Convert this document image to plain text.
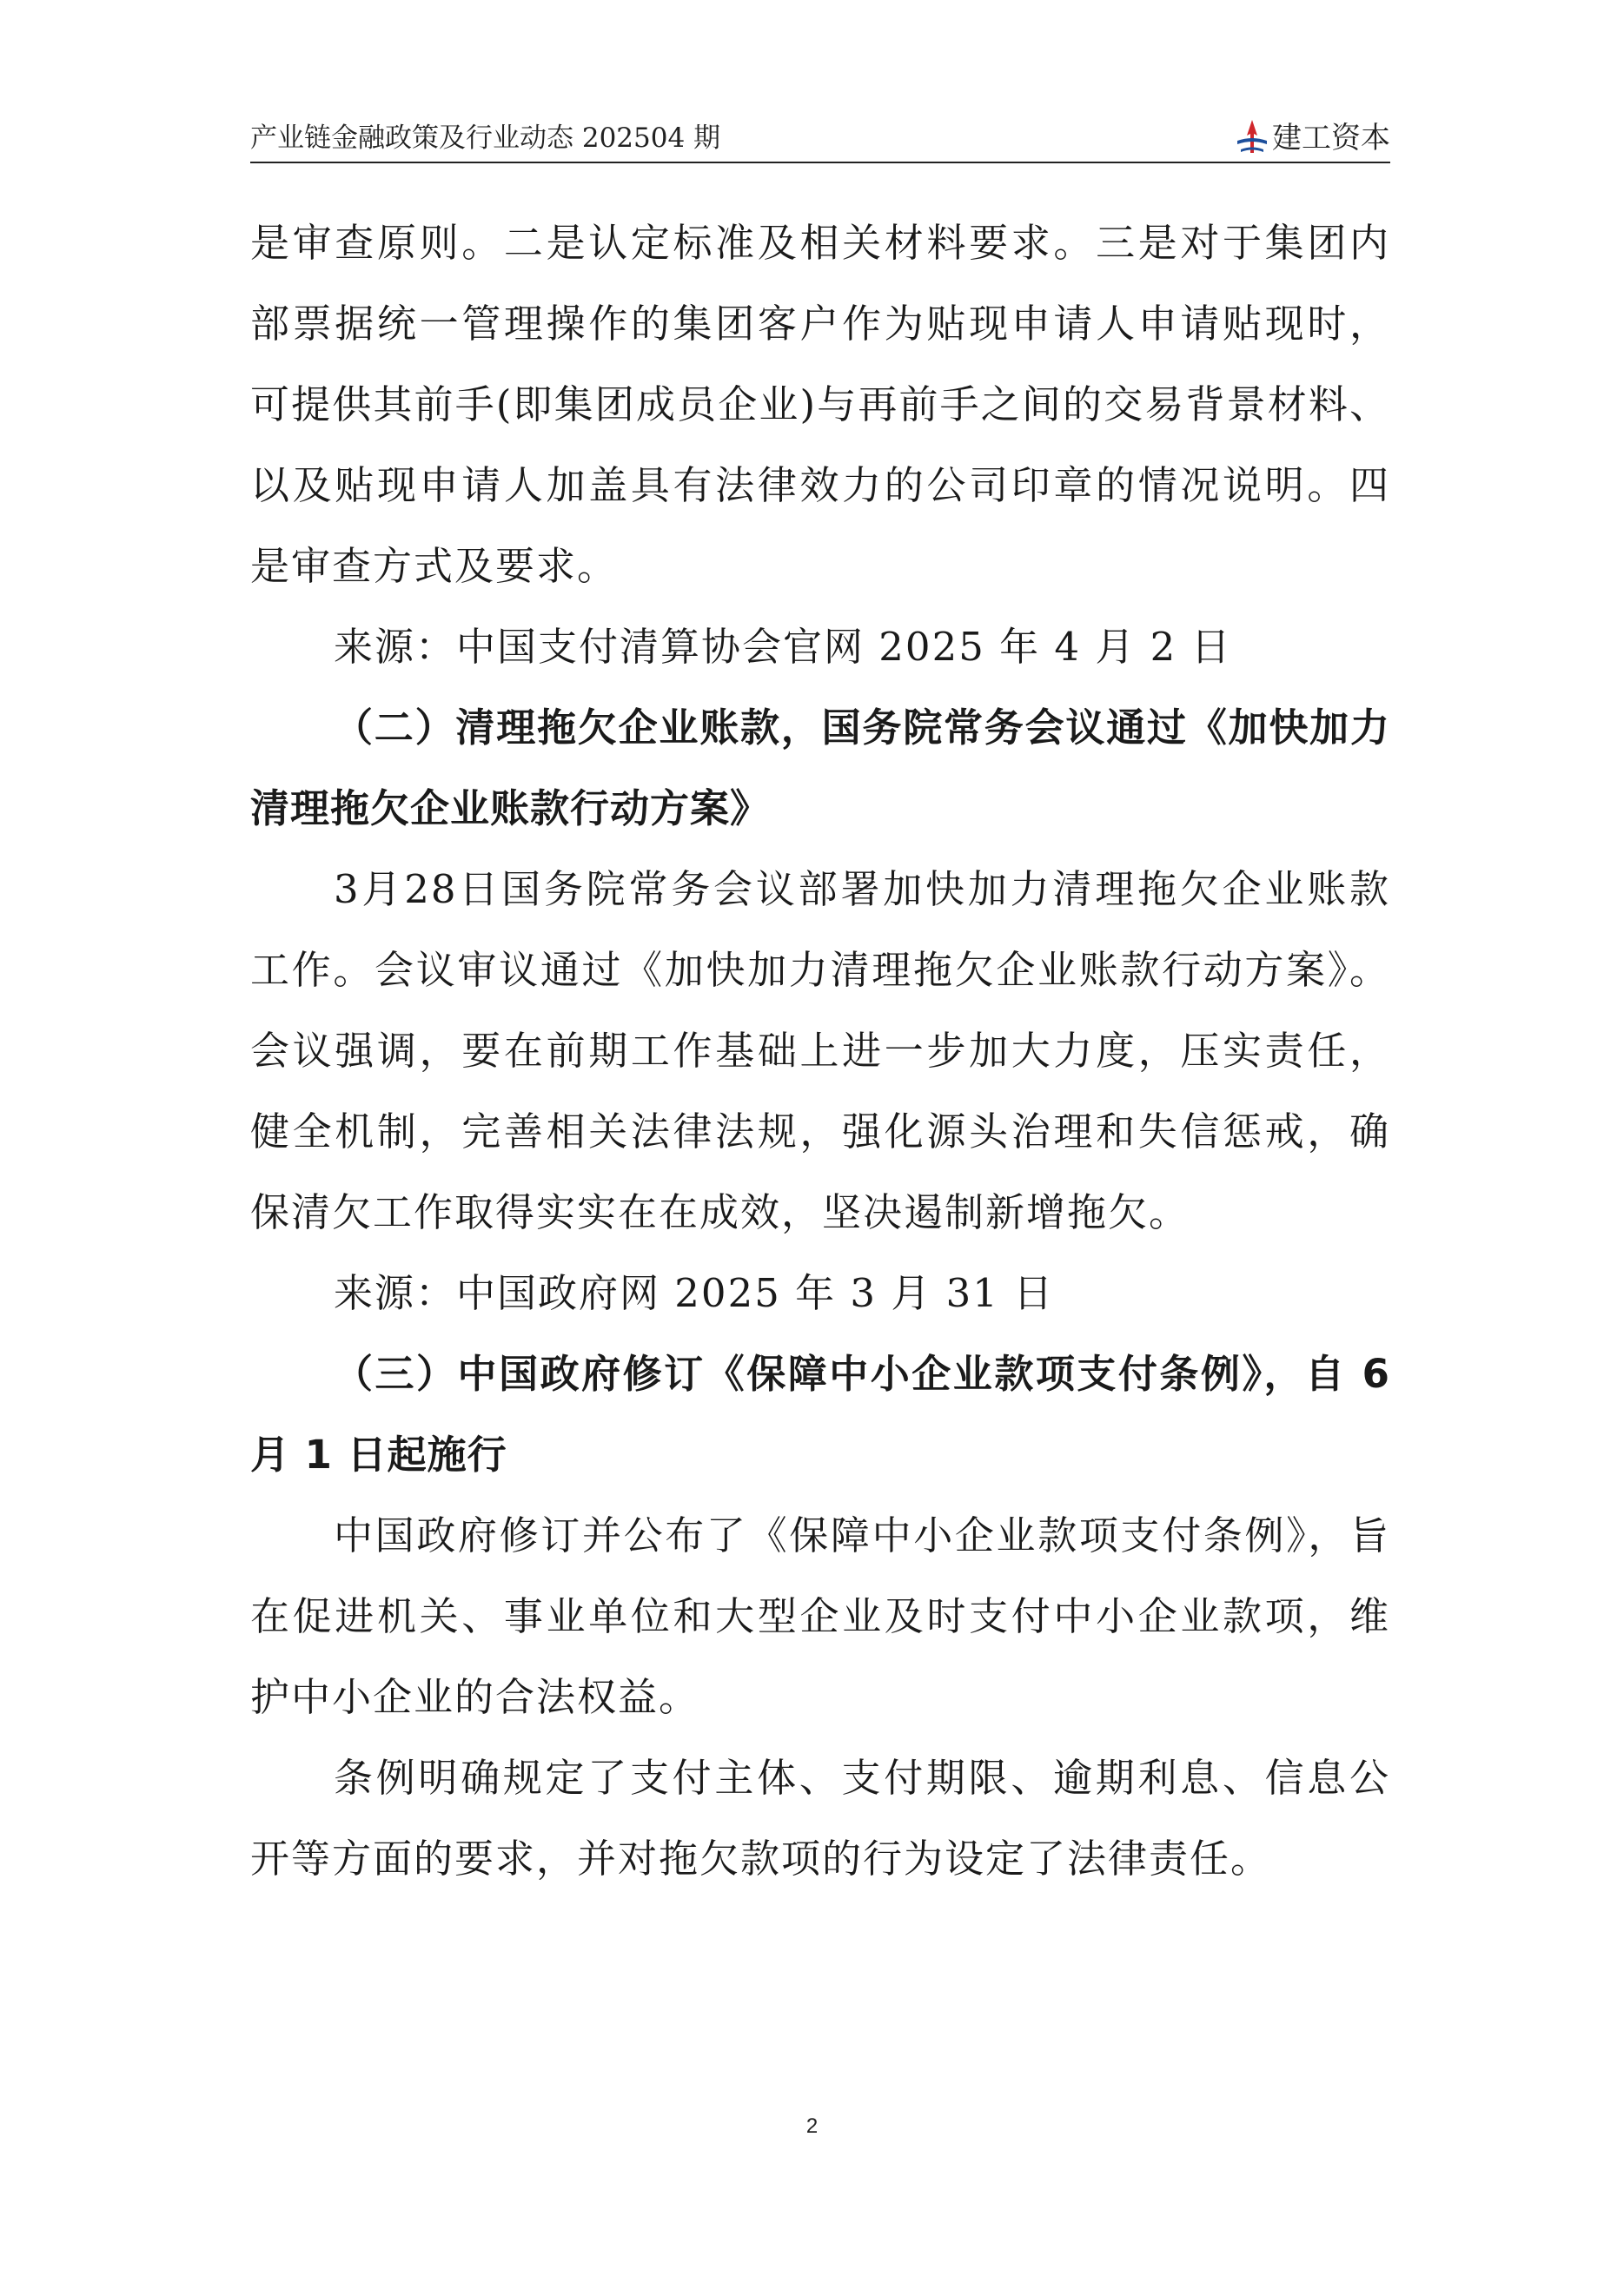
产业链金融政策及行业动态 202504 期	建工资本

是审查原则。二是认定标准及相关材料要求。三是对于集团内部票据统一管理操作的集团客户作为贴现申请人申请贴现时，可提供其前手(即集团成员企业)与再前手之间的交易背景材料、以及贴现申请人加盖具有法律效力的公司印章的情况说明。四是审查方式及要求。

来源：中国支付清算协会官网 2025 年 4 月 2 日

（二）清理拖欠企业账款，国务院常务会议通过《加快加力清理拖欠企业账款行动方案》

3月28日国务院常务会议部署加快加力清理拖欠企业账款工作。会议审议通过《加快加力清理拖欠企业账款行动方案》。会议强调，要在前期工作基础上进一步加大力度，压实责任，健全机制，完善相关法律法规，强化源头治理和失信惩戒，确保清欠工作取得实实在在成效，坚决遏制新增拖欠。

来源：中国政府网 2025 年 3 月 31 日

（三）中国政府修订《保障中小企业款项支付条例》，自 6 月 1 日起施行

中国政府修订并公布了《保障中小企业款项支付条例》，旨在促进机关、事业单位和大型企业及时支付中小企业款项，维护中小企业的合法权益。

条例明确规定了支付主体、支付期限、逾期利息、信息公开等方面的要求，并对拖欠款项的行为设定了法律责任。

2
